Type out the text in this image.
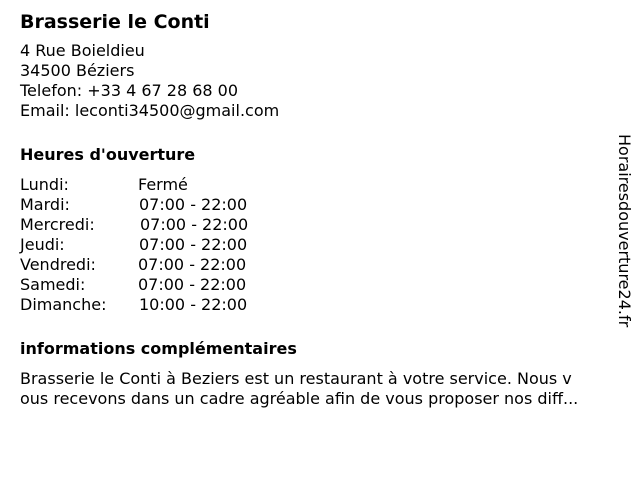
Brasserie le Conti
4 Rue Boieldieu
34500 Béziers
Telefon: +33 4 67 28 68 00
Email: leconti34500@gmail.com
Heures d'ouverture
Lundi:	Fermé
Mardi:	07:00 - 22:00
Mercredi:	07:00 - 22:00
Jeudi:	07:00 - 22:00
Vendredi:	07:00 - 22:00
Samedi:	07:00 - 22:00
Dimanche: 10:00 - 22:00
informations complémentaires
Brasserie le Conti à Beziers est un restaurant à votre service. Nous v
ous recevons dans un cadre agréable afin de vous proposer nos diff...
Horairesdouverture24.fr
